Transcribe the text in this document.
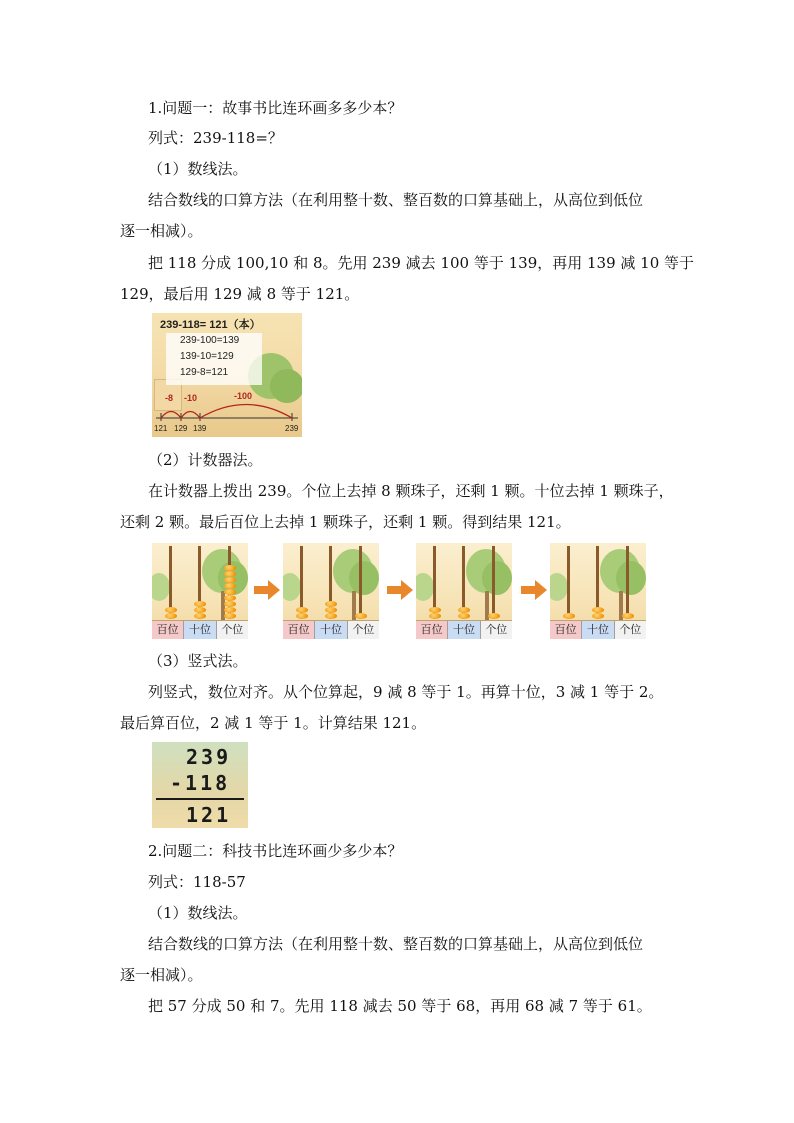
1.问题一：故事书比连环画多多少本？
列式：239-118=？
（1）数线法。
结合数线的口算方法（在利用整十数、整百数的口算基础上，从高位到低位
逐一相减）。
把 118 分成 100,10 和 8。先用 239 减去 100 等于 139，再用 139 减 10 等于
129，最后用 129 减 8 等于 121。
239-118= 121（本）
239-100=139
139-10=129
129-8=121
-8 -10	-100
121 129 139	239
（2）计数器法。
在计数器上拨出 239。个位上去掉 8 颗珠子，还剩 1 颗。十位去掉 1 颗珠子，
还剩 2 颗。最后百位上去掉 1 颗珠子，还剩 1 颗。得到结果 121。
百位 十位 个位	百位 十位 个位	百位 十位 个位	百位 十位 个位
（3）竖式法。
列竖式，数位对齐。从个位算起，9 减 8 等于 1。再算十位，3 减 1 等于 2。
最后算百位，2 减 1 等于 1。计算结果 121。
239
-118
121
2.问题二：科技书比连环画少多少本？
列式：118-57
（1）数线法。
结合数线的口算方法（在利用整十数、整百数的口算基础上，从高位到低位
逐一相减）。
把 57 分成 50 和 7。先用 118 减去 50 等于 68，再用 68 减 7 等于 61。
